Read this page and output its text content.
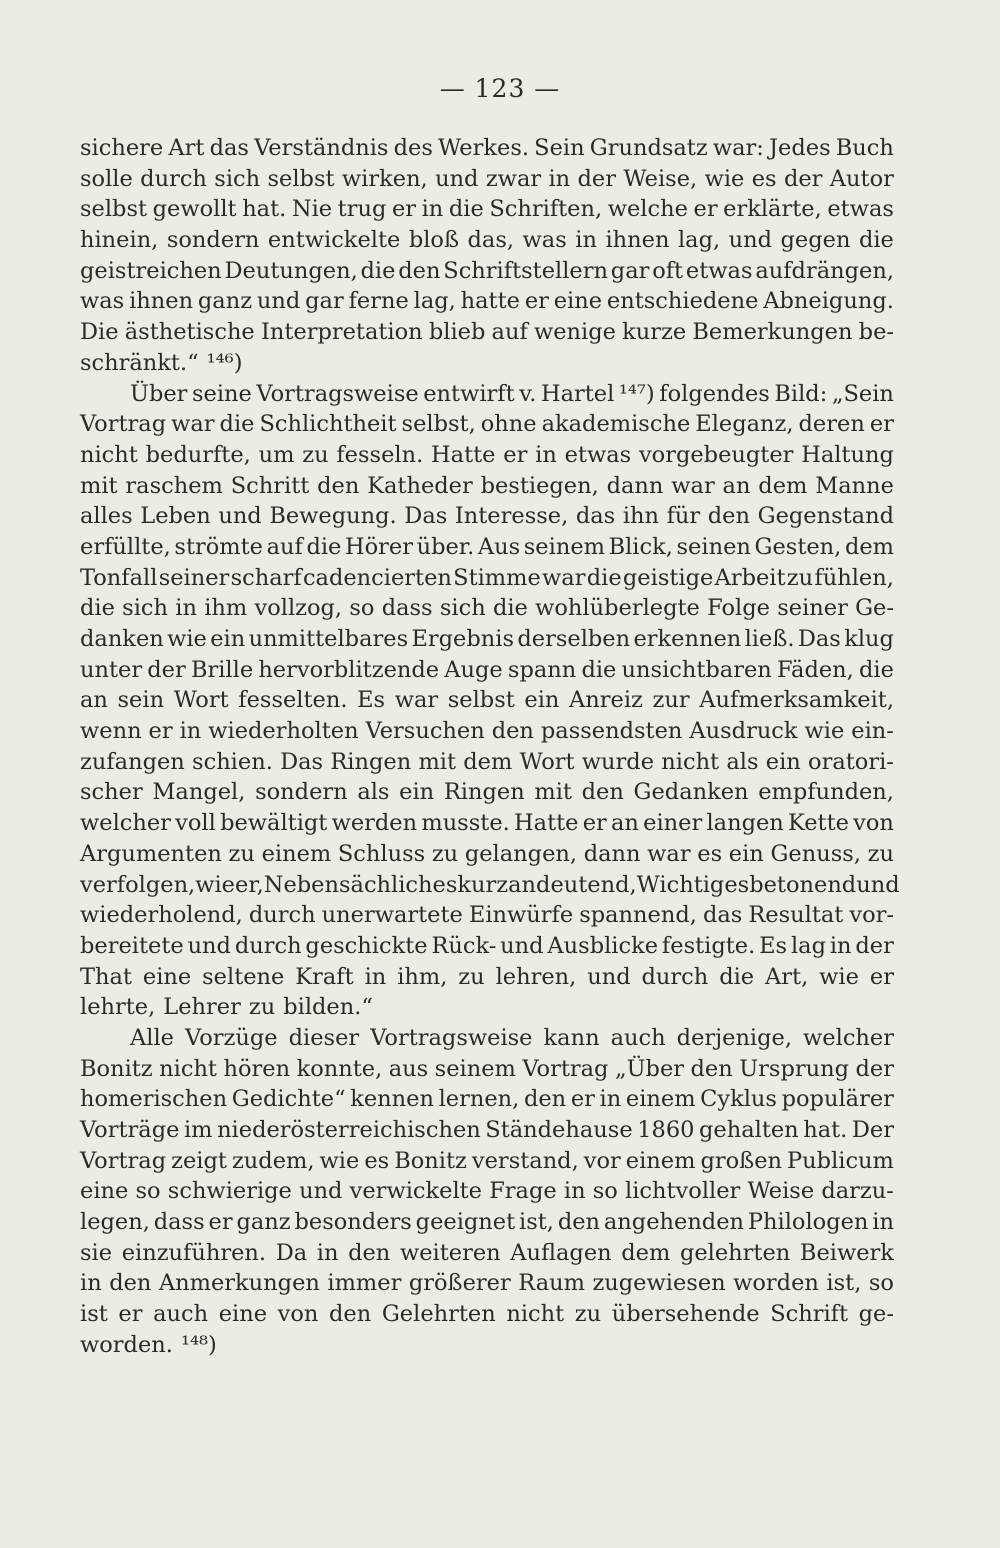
— 123 —
sichere Art das Verständnis des Werkes. Sein Grundsatz war: Jedes Buch
solle durch sich selbst wirken, und zwar in der Weise, wie es der Autor
selbst gewollt hat. Nie trug er in die Schriften, welche er erklärte, etwas
hinein, sondern entwickelte bloß das, was in ihnen lag, und gegen die
geistreichen Deutungen, die den Schriftstellern gar oft etwas aufdrängen,
was ihnen ganz und gar ferne lag, hatte er eine entschiedene Abneigung.
Die ästhetische Interpretation blieb auf wenige kurze Bemerkungen be-
schränkt.“ ¹⁴⁶)
Über seine Vortragsweise entwirft v. Hartel ¹⁴⁷) folgendes Bild: „Sein
Vortrag war die Schlichtheit selbst, ohne akademische Eleganz, deren er
nicht bedurfte, um zu fesseln. Hatte er in etwas vorgebeugter Haltung
mit raschem Schritt den Katheder bestiegen, dann war an dem Manne
alles Leben und Bewegung. Das Interesse, das ihn für den Gegenstand
erfüllte, strömte auf die Hörer über. Aus seinem Blick, seinen Gesten, dem
Tonfall seiner scharf cadencierten Stimme war die geistige Arbeit zu fühlen,
die sich in ihm vollzog, so dass sich die wohlüberlegte Folge seiner Ge-
danken wie ein unmittelbares Ergebnis derselben erkennen ließ. Das klug
unter der Brille hervorblitzende Auge spann die unsichtbaren Fäden, die
an sein Wort fesselten. Es war selbst ein Anreiz zur Aufmerksamkeit,
wenn er in wiederholten Versuchen den passendsten Ausdruck wie ein-
zufangen schien. Das Ringen mit dem Wort wurde nicht als ein oratori-
scher Mangel, sondern als ein Ringen mit den Gedanken empfunden,
welcher voll bewältigt werden musste. Hatte er an einer langen Kette von
Argumenten zu einem Schluss zu gelangen, dann war es ein Genuss, zu
verfolgen, wie er, Nebensächliches kurz andeutend, Wichtiges betonend und
wiederholend, durch unerwartete Einwürfe spannend, das Resultat vor-
bereitete und durch geschickte Rück- und Ausblicke festigte. Es lag in der
That eine seltene Kraft in ihm, zu lehren, und durch die Art, wie er
lehrte, Lehrer zu bilden.“
Alle Vorzüge dieser Vortragsweise kann auch derjenige, welcher
Bonitz nicht hören konnte, aus seinem Vortrag „Über den Ursprung der
homerischen Gedichte“ kennen lernen, den er in einem Cyklus populärer
Vorträge im niederösterreichischen Ständehause 1860 gehalten hat. Der
Vortrag zeigt zudem, wie es Bonitz verstand, vor einem großen Publicum
eine so schwierige und verwickelte Frage in so lichtvoller Weise darzu-
legen, dass er ganz besonders geeignet ist, den angehenden Philologen in
sie einzuführen. Da in den weiteren Auflagen dem gelehrten Beiwerk
in den Anmerkungen immer größerer Raum zugewiesen worden ist, so
ist er auch eine von den Gelehrten nicht zu übersehende Schrift ge-
worden. ¹⁴⁸)
